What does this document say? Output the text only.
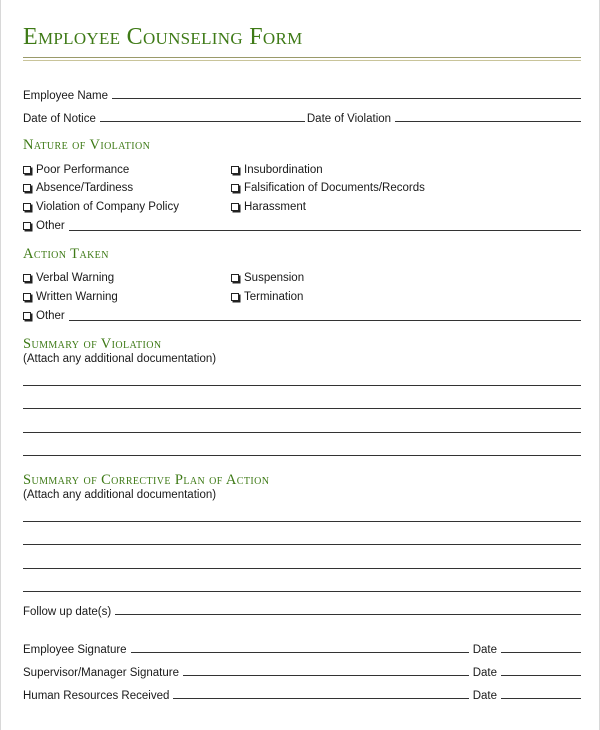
Employee Counseling Form
Employee Name
Date of Notice	Date of Violation
Nature of Violation
Poor Performance	Insubordination
Absence/Tardiness	Falsification of Documents/Records
Violation of Company Policy	Harassment
Other
Action Taken
Verbal Warning	Suspension
Written Warning	Termination
Other
Summary of Violation
(Attach any additional documentation)
Summary of Corrective Plan of Action
(Attach any additional documentation)
Follow up date(s)
Employee Signature	Date
Supervisor/Manager Signature	Date
Human Resources Received	Date
